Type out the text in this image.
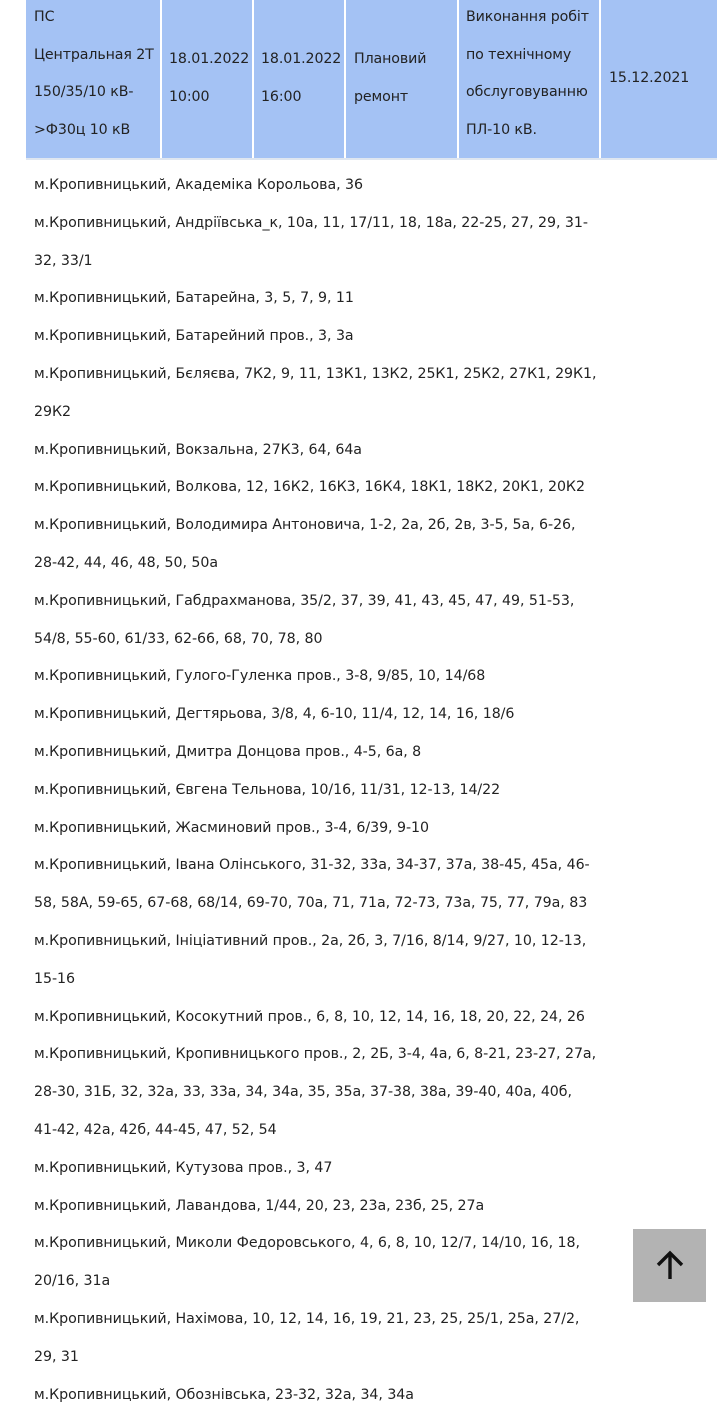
ПС
Центральная 2Т
150/35/10 кВ-
>Ф30ц 10 кВ
18.01.2022
10:00
18.01.2022
16:00
Плановий
ремонт
Виконання робіт
по технічному
обслуговуванню
ПЛ-10 кВ.
15.12.2021

м.Кропивницький, Академіка Корольова, 36

м.Кропивницький, Андріївська_к, 10а, 11, 17/11, 18, 18а, 22-25, 27, 29, 31-32, 33/1

м.Кропивницький, Батарейна, 3, 5, 7, 9, 11

м.Кропивницький, Батарейний пров., 3, 3а

м.Кропивницький, Бєляєва, 7К2, 9, 11, 13К1, 13К2, 25К1, 25К2, 27К1, 29К1, 29К2

м.Кропивницький, Вокзальна, 27К3, 64, 64а

м.Кропивницький, Волкова, 12, 16К2, 16К3, 16К4, 18К1, 18К2, 20К1, 20К2

м.Кропивницький, Володимира Антоновича, 1-2, 2а, 2б, 2в, 3-5, 5а, 6-26, 28-42, 44, 46, 48, 50, 50а

м.Кропивницький, Габдрахманова, 35/2, 37, 39, 41, 43, 45, 47, 49, 51-53, 54/8, 55-60, 61/33, 62-66, 68, 70, 78, 80

м.Кропивницький, Гулого-Гуленка пров., 3-8, 9/85, 10, 14/68

м.Кропивницький, Дегтярьова, 3/8, 4, 6-10, 11/4, 12, 14, 16, 18/6

м.Кропивницький, Дмитра Донцова пров., 4-5, 6а, 8

м.Кропивницький, Євгена Тельнова, 10/16, 11/31, 12-13, 14/22

м.Кропивницький, Жасминовий пров., 3-4, 6/39, 9-10

м.Кропивницький, Івана Олінського, 31-32, 33а, 34-37, 37а, 38-45, 45а, 46-58, 58А, 59-65, 67-68, 68/14, 69-70, 70а, 71, 71а, 72-73, 73а, 75, 77, 79а, 83

м.Кропивницький, Ініціативний пров., 2а, 2б, 3, 7/16, 8/14, 9/27, 10, 12-13, 15-16

м.Кропивницький, Косокутний пров., 6, 8, 10, 12, 14, 16, 18, 20, 22, 24, 26

м.Кропивницький, Кропивницького пров., 2, 2Б, 3-4, 4а, 6, 8-21, 23-27, 27а, 28-30, 31Б, 32, 32а, 33, 33а, 34, 34а, 35, 35а, 37-38, 38а, 39-40, 40а, 40б, 41-42, 42а, 42б, 44-45, 47, 52, 54

м.Кропивницький, Кутузова пров., 3, 47

м.Кропивницький, Лавандова, 1/44, 20, 23, 23а, 23б, 25, 27а

м.Кропивницький, Миколи Федоровського, 4, 6, 8, 10, 12/7, 14/10, 16, 18, 20/16, 31а

м.Кропивницький, Нахімова, 10, 12, 14, 16, 19, 21, 23, 25, 25/1, 25а, 27/2, 29, 31

м.Кропивницький, Обознівська, 23-32, 32а, 34, 34а
